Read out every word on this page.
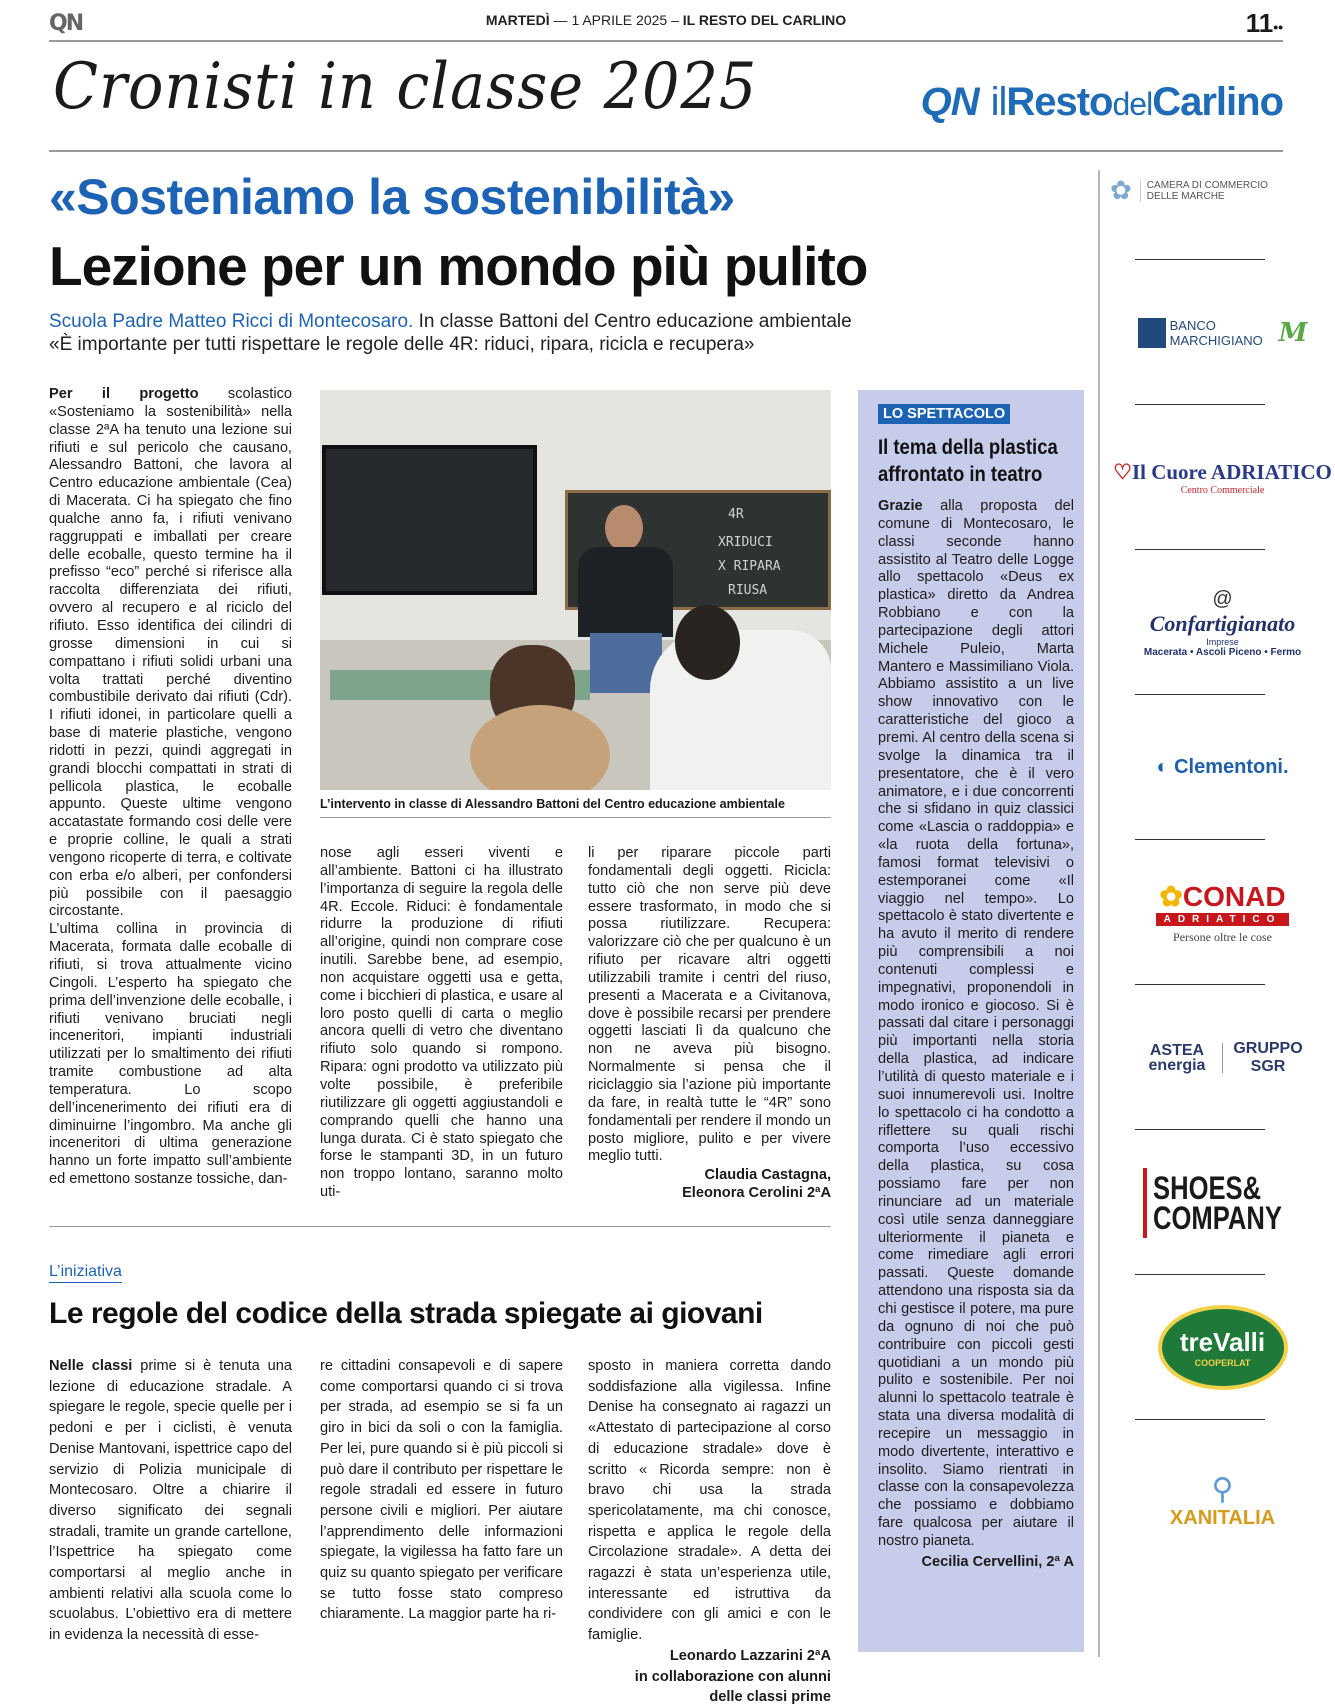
QN	MARTEDÌ — 1 APRILE 2025 – IL RESTO DEL CARLINO	11••
Cronisti in classe 2025	QN ilRestodelCarlino
«Sosteniamo la sostenibilità»
Lezione per un mondo più pulito
Scuola Padre Matteo Ricci di Montecosaro. In classe Battoni del Centro educazione ambientale
«È importante per tutti rispettare le regole delle 4R: riduci, ripara, ricicla e recupera»

Per il progetto scolastico «Sosteniamo la sostenibilità» nella classe 2ªA ha tenuto una lezione sui rifiuti e sul pericolo che causano, Alessandro Battoni, che lavora al Centro educazione ambientale (Cea) di Macerata. Ci ha spiegato che fino qualche anno fa, i rifiuti venivano raggruppati e imballati per creare delle ecoballe, questo termine ha il prefisso “eco” perché si riferisce alla raccolta differenziata dei rifiuti, ovvero al recupero e al riciclo del rifiuto. Esso identifica dei cilindri di grosse dimensioni in cui si compattano i rifiuti solidi urbani una volta trattati perché diventino combustibile derivato dai rifiuti (Cdr). I rifiuti idonei, in particolare quelli a base di materie plastiche, vengono ridotti in pezzi, quindi aggregati in grandi blocchi compattati in strati di pellicola plastica, le ecoballe appunto. Queste ultime vengono accatastate formando cosi delle vere e proprie colline, le quali a strati vengono ricoperte di terra, e coltivate con erba e/o alberi, per confondersi più possibile con il paesaggio circostante.

L’ultima collina in provincia di Macerata, formata dalle ecoballe di rifiuti, si trova attualmente vicino Cingoli. L’esperto ha spiegato che prima dell’invenzione delle ecoballe, i rifiuti venivano bruciati negli inceneritori, impianti industriali utilizzati per lo smaltimento dei rifiuti tramite combustione ad alta temperatura. Lo scopo dell’incenerimento dei rifiuti era di diminuirne l’ingombro. Ma anche gli inceneritori di ultima generazione hanno un forte impatto sull’ambiente ed emettono sostanze tossiche, dan-

4R
XRIDUCI
X RIPARA
RIUSA
L’intervento in classe di Alessandro Battoni del Centro educazione ambientale
nose agli esseri viventi e all’ambiente. Battoni ci ha illustrato l’importanza di seguire la regola delle 4R. Eccole. Riduci: è fondamentale ridurre la produzione di rifiuti all’origine, quindi non comprare cose inutili. Sarebbe bene, ad esempio, non acquistare oggetti usa e getta, come i bicchieri di plastica, e usare al loro posto quelli di carta o meglio ancora quelli di vetro che diventano rifiuto solo quando si rompono. Ripara: ogni prodotto va utilizzato più volte possibile, è preferibile riutilizzare gli oggetti aggiustandoli e comprando quelli che hanno una lunga durata. Ci è stato spiegato che forse le stampanti 3D, in un futuro non troppo lontano, saranno molto uti-

li per riparare piccole parti fondamentali degli oggetti. Ricicla: tutto ciò che non serve più deve essere trasformato, in modo che si possa riutilizzare. Recupera: valorizzare ciò che per qualcuno è un rifiuto per ricavare altri oggetti utilizzabili tramite i centri del riuso, presenti a Macerata e a Civitanova, dove è possibile recarsi per prendere oggetti lasciati lì da qualcuno che non ne aveva più bisogno. Normalmente si pensa che il riciclaggio sia l’azione più importante da fare, in realtà tutte le “4R” sono fondamentali per rendere il mondo un posto migliore, pulito e per vivere meglio tutti.

Claudia Castagna,
Eleonora Cerolini 2ªA
LO SPETTACOLO
Il tema della plastica affrontato in teatro
Grazie alla proposta del comune di Montecosaro, le classi seconde hanno assistito al Teatro delle Logge allo spettacolo «Deus ex plastica» diretto da Andrea Robbiano e con la partecipazione degli attori Michele Puleio, Marta Mantero e Massimiliano Viola. Abbiamo assistito a un live show innovativo con le caratteristiche del gioco a premi. Al centro della scena si svolge la dinamica tra il presentatore, che è il vero animatore, e i due concorrenti che si sfidano in quiz classici come «Lascia o raddoppia» e «la ruota della fortuna», famosi format televisivi o estemporanei come «Il viaggio nel tempo». Lo spettacolo è stato divertente e ha avuto il merito di rendere più comprensibili a noi contenuti complessi e impegnativi, proponendoli in modo ironico e giocoso. Si è passati dal citare i personaggi più importanti nella storia della plastica, ad indicare l’utilità di questo materiale e i suoi innumerevoli usi. Inoltre lo spettacolo ci ha condotto a riflettere su quali rischi comporta l’uso eccessivo della plastica, su cosa possiamo fare per non rinunciare ad un materiale così utile senza danneggiare ulteriormente il pianeta e come rimediare agli errori passati. Queste domande attendono una risposta sia da chi gestisce il potere, ma pure da ognuno di noi che può contribuire con piccoli gesti quotidiani a un mondo più pulito e sostenibile. Per noi alunni lo spettacolo teatrale è stata una diversa modalità di recepire un messaggio in modo divertente, interattivo e insolito. Siamo rientrati in classe con la consapevolezza che possiamo e dobbiamo fare qualcosa per aiutare il nostro pianeta.
Cecilia Cervellini, 2ª A
✿	CAMERA DI COMMERCIO
DELLE MARCHE
BANCO MARCHIGIANO M
♡Il Cuore ADRIATICO
Centro Commerciale
@
Confartigianato
Imprese
Macerata • Ascoli Piceno • Fermo
◐ Clementoni.
✿CONAD
ADRIATICO
Persone oltre le cose
ASTEA energia
GRUPPO SGR
SHOES& COMPANY
treValli
COOPERLAT
⚲
XANITALIA
L’iniziativa
Le regole del codice della strada spiegate ai giovani
Nelle classi prime si è tenuta una lezione di educazione stradale. A spiegare le regole, specie quelle per i pedoni e per i ciclisti, è venuta Denise Mantovani, ispettrice capo del servizio di Polizia municipale di Montecosaro. Oltre a chiarire il diverso significato dei segnali stradali, tramite un grande cartellone, l’Ispettrice ha spiegato come comportarsi al meglio anche in ambienti relativi alla scuola come lo scuolabus. L’obiettivo era di mettere in evidenza la necessità di esse-
re cittadini consapevoli e di sapere come comportarsi quando ci si trova per strada, ad esempio se si fa un giro in bici da soli o con la famiglia. Per lei, pure quando si è più piccoli si può dare il contributo per rispettare le regole stradali ed essere in futuro persone civili e migliori. Per aiutare l’apprendimento delle informazioni spiegate, la vigilessa ha fatto fare un quiz su quanto spiegato per verificare se tutto fosse stato compreso chiaramente. La maggior parte ha ri-

sposto in maniera corretta dando soddisfazione alla vigilessa. Infine Denise ha consegnato ai ragazzi un «Attestato di partecipazione al corso di educazione stradale» dove è scritto « Ricorda sempre: non è bravo chi usa la strada spericolatamente, ma chi conosce, rispetta e applica le regole della Circolazione stradale». A detta dei ragazzi è stata un’esperienza utile, interessante ed istruttiva da condividere con gli amici e con le famiglie.

Leonardo Lazzarini 2ªA
in collaborazione con alunni
delle classi prime
